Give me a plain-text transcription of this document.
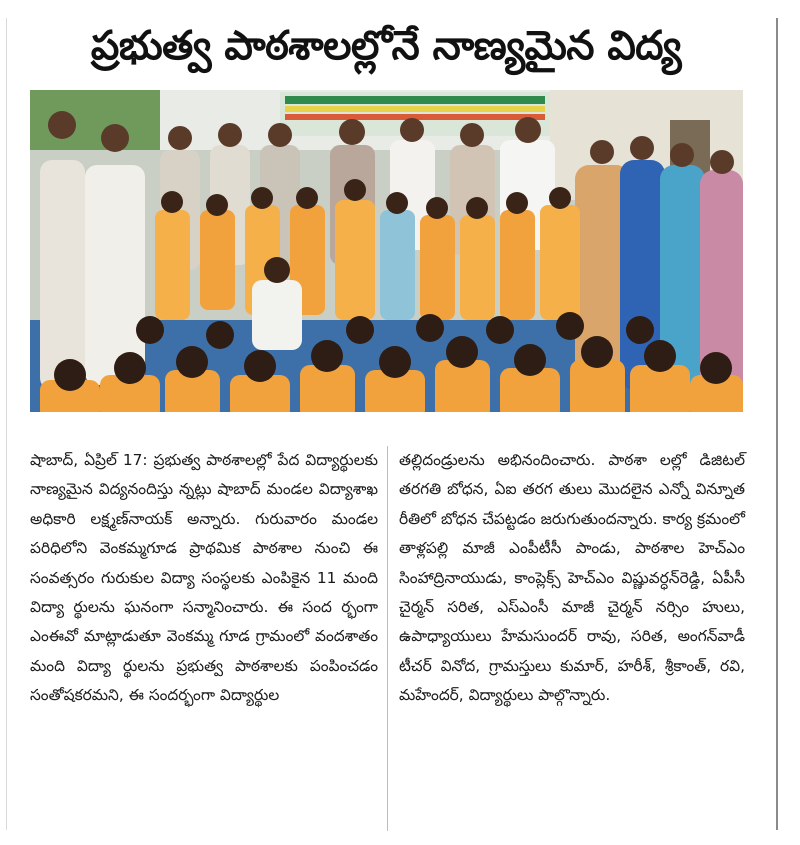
ప్రభుత్వ పాఠశాలల్లోనే నాణ్యమైన విద్య

షాబాద్, ఏప్రిల్ 17: ప్రభుత్వ పాఠశాలల్లో పేద విద్యార్థులకు నాణ్యమైన విద్యనందిస్తు న్నట్లు షాబాద్ మండల విద్యాశాఖ అధికారి లక్ష్మణ్‌నాయక్ అన్నారు. గురువారం మండల పరిధిలోని వెంకమ్మగూడ ప్రాథమిక పాఠశాల నుంచి ఈ సంవత్సరం గురుకుల విద్యా సంస్థలకు ఎంపికైన 11 మంది విద్యా ర్థులను ఘనంగా సన్మానించారు. ఈ సంద ర్భంగా ఎంఈవో మాట్లాడుతూ వెంకమ్మ గూడ గ్రామంలో వందశాతం మంది విద్యా ర్థులను ప్రభుత్వ పాఠశాలకు పంపించడం సంతోషకరమని, ఈ సందర్భంగా విద్యార్థుల

తల్లిదండ్రులను అభినందించారు. పాఠశా లల్లో డిజిటల్ తరగతి బోధన, ఏఐ తరగ తులు మొదలైన ఎన్నో విన్నూత రీతిలో బోధన చేపట్టడం జరుగుతుందన్నారు. కార్య క్రమంలో తాళ్లపల్లి మాజీ ఎంపీటీసీ పాండు, పాఠశాల హెచ్‌ఎం సింహాద్రినాయుడు, కాంప్లెక్స్ హెచ్‌ఎం విష్ణువర్ధన్‌రెడ్డి, ఏపీసీ చైర్మన్ సరిత, ఎస్‌ఎంసీ మాజీ చైర్మన్ నర్సిం హులు, ఉపాధ్యాయులు హేమసుందర్ రావు, సరిత, అంగన్‌వాడీ టీచర్ వినోద, గ్రామస్తులు కుమార్, హరీశ్, శ్రీకాంత్, రవి, మహేందర్, విద్యార్థులు పాల్గొన్నారు.
